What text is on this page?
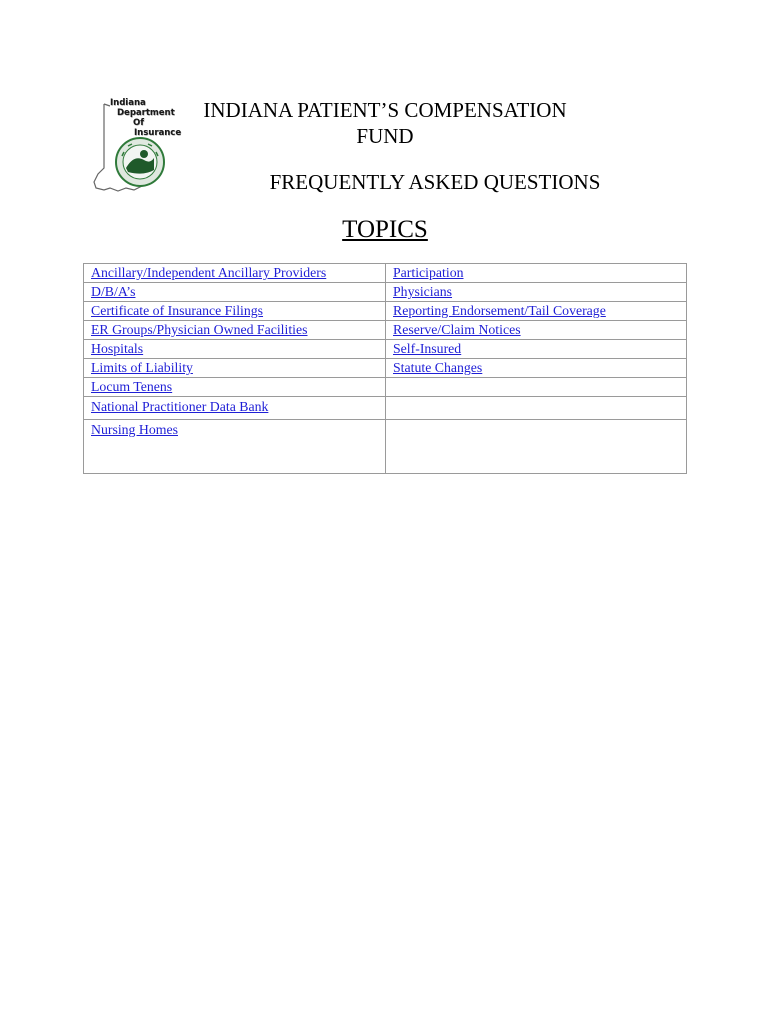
Indiana
Department
Of
Insurance
INDIANA PATIENT’S COMPENSATION
FUND
FREQUENTLY ASKED QUESTIONS
TOPICS
Ancillary/Independent Ancillary Providers	Participation
D/B/A’s	Physicians
Certificate of Insurance Filings	Reporting Endorsement/Tail Coverage
ER Groups/Physician Owned Facilities	Reserve/Claim Notices
Hospitals	Self-Insured
Limits of Liability	Statute Changes
Locum Tenens	
National Practitioner Data Bank	
Nursing Homes	
